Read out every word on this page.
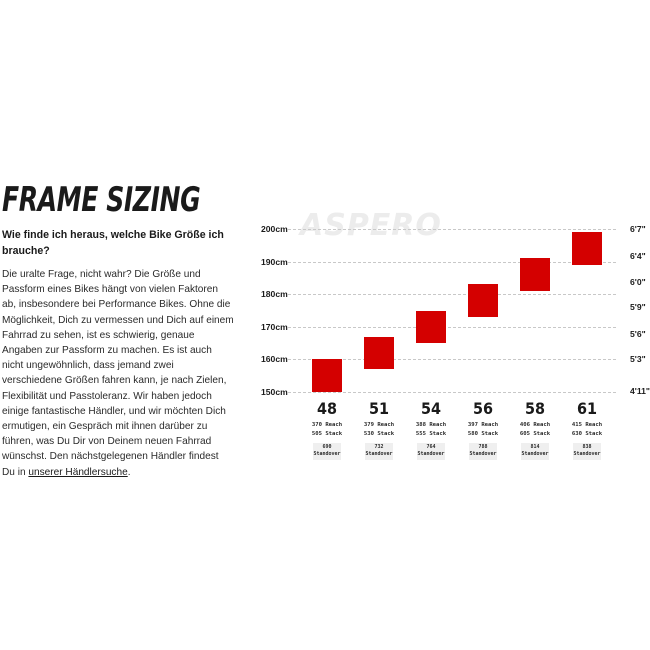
FRAME SIZING
Wie finde ich heraus, welche Bike Größe ich brauche?

Die uralte Frage, nicht wahr? Die Größe und Passform eines Bikes hängt von vielen Faktoren ab, insbesondere bei Performance Bikes. Ohne die Möglichkeit, Dich zu vermessen und Dich auf einem Fahrrad zu sehen, ist es schwierig, genaue Angaben zur Passform zu machen. Es ist auch nicht ungewöhnlich, dass jemand zwei verschiedene Größen fahren kann, je nach Zielen, Flexibilität und Passtoleranz. Wir haben jedoch einige fantastische Händler, und wir möchten Dich ermutigen, ein Gespräch mit ihnen darüber zu führen, was Du Dir von Deinem neuen Fahrrad wünschst. Den nächstgelegenen Händler findest Du in unserer Händlersuche.

ASPERO
200cm
190cm
180cm
170cm
160cm
150cm
6'7"
6'4"
6'0"
5'9"
5'6"
5'3"
4'11"
48
370 Reach
505 Stack
690
Standover
51
379 Reach
530 Stack
732
Standover
54
388 Reach
555 Stack
764
Standover
56
397 Reach
580 Stack
788
Standover
58
406 Reach
605 Stack
814
Standover
61
415 Reach
630 Stack
838
Standover
